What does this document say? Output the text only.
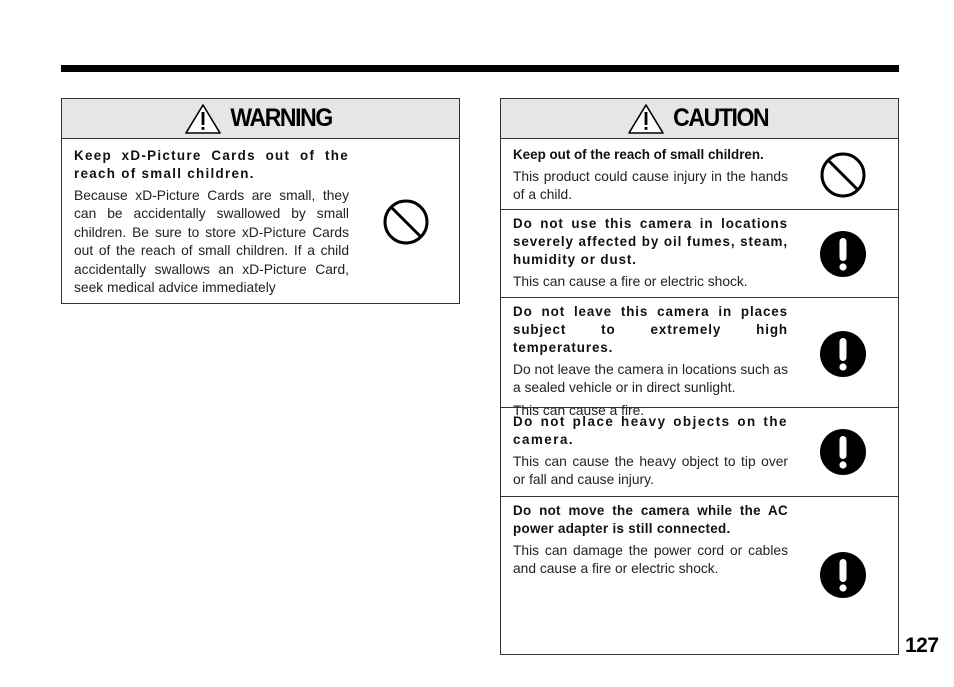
WARNING
Keep xD-Picture Cards out of the reach of small children.
Because xD-Picture Cards are small, they can be accidentally swallowed by small children. Be sure to store xD-Picture Cards out of the reach of small children. If a child accidentally swallows an xD-Picture Card, seek medical advice immediately
CAUTION
Keep out of the reach of small children.
This product could cause injury in the hands of a child.
Do not use this camera in locations severely affected by oil fumes, steam, humidity or dust.
This can cause a fire or electric shock.
Do not leave this camera in places subject to extremely high temperatures.
Do not leave the camera in locations such as a sealed vehicle or in direct sunlight.
This can cause a fire.
Do not place heavy objects on the camera.
This can cause the heavy object to tip over or fall and cause injury.
Do not move the camera while the AC power adapter is still connected.
This can damage the power cord or cables and cause a fire or electric shock.
127
